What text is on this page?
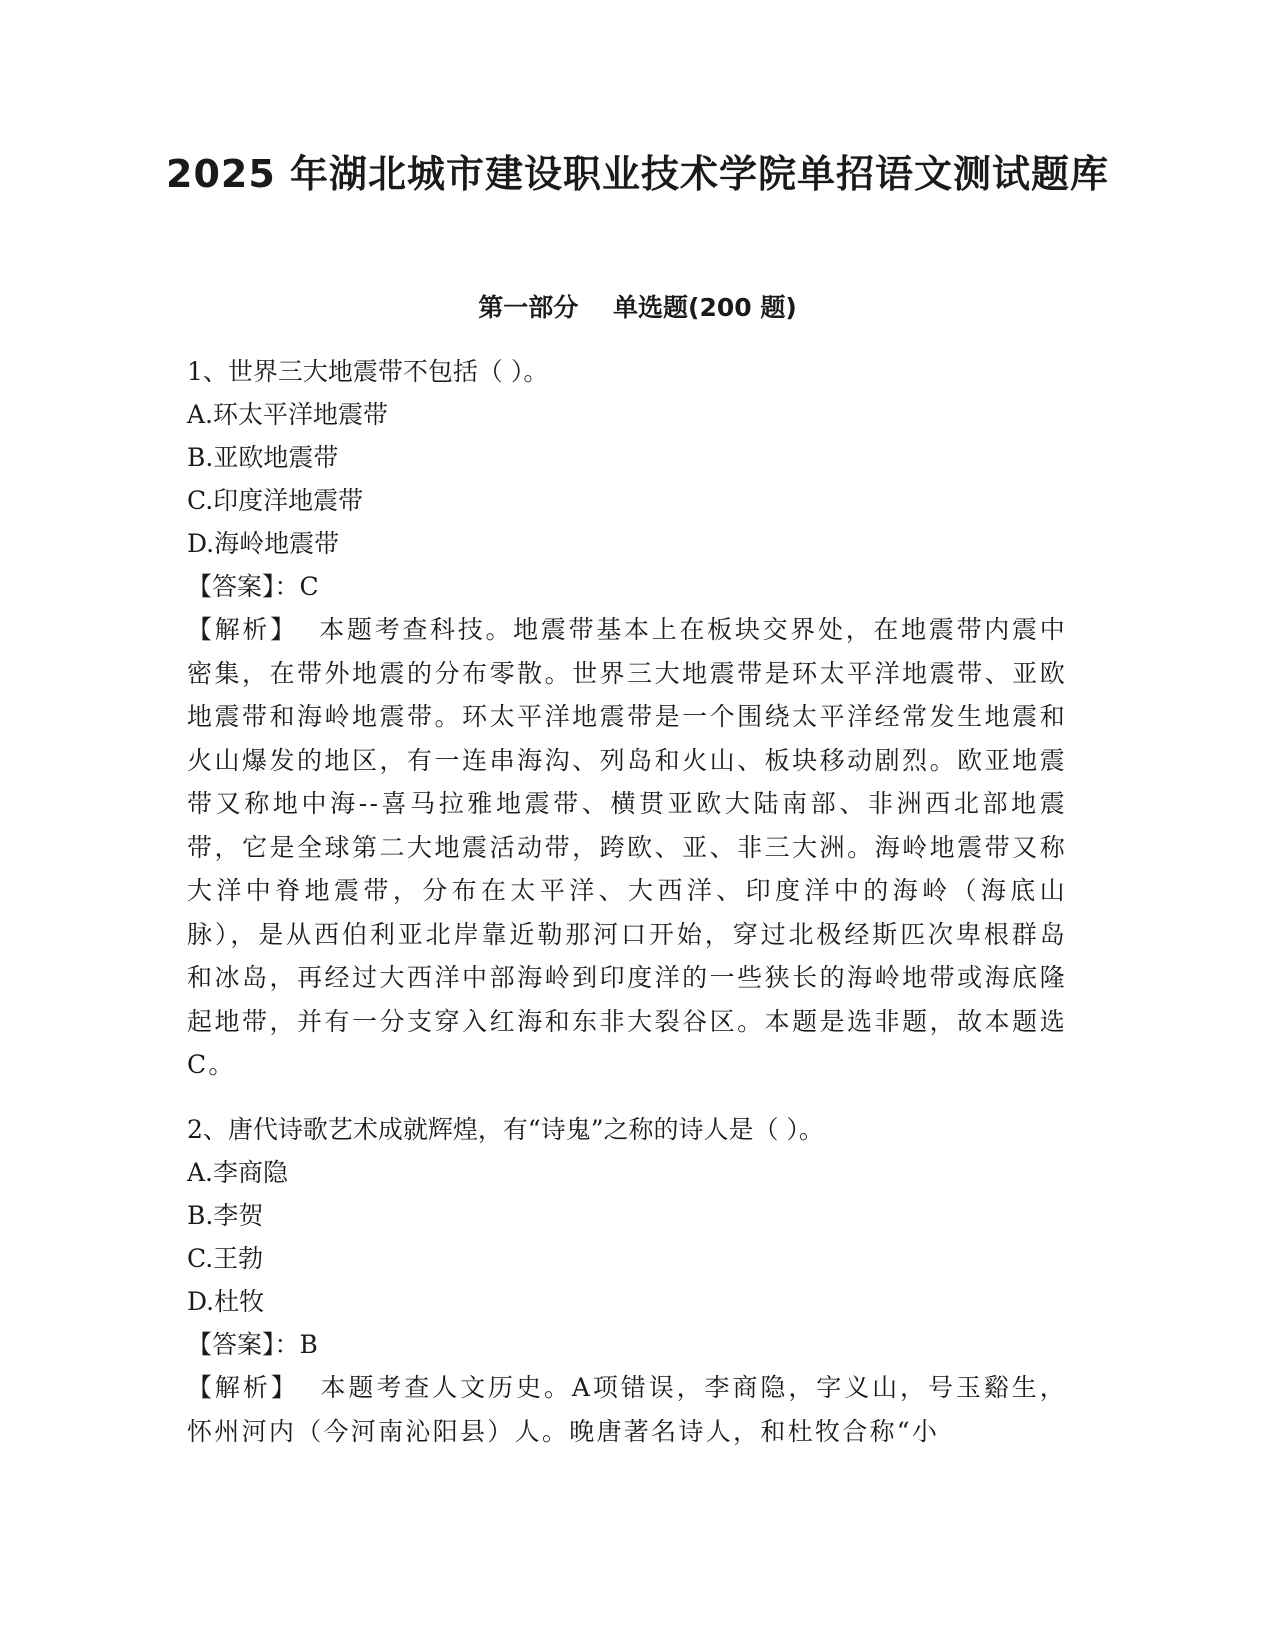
2025 年湖北城市建设职业技术学院单招语文测试题库
第一部分    单选题(200 题)

1、世界三大地震带不包括（ ）。

A.环太平洋地震带

B.亚欧地震带

C.印度洋地震带

D.海岭地震带

【答案】：C

【解析】 本题考查科技。地震带基本上在板块交界处，在地震带内震中密集，在带外地震的分布零散。世界三大地震带是环太平洋地震带、亚欧地震带和海岭地震带。环太平洋地震带是一个围绕太平洋经常发生地震和火山爆发的地区，有一连串海沟、列岛和火山、板块移动剧烈。欧亚地震带又称地中海--喜马拉雅地震带、横贯亚欧大陆南部、非洲西北部地震带，它是全球第二大地震活动带，跨欧、亚、非三大洲。海岭地震带又称大洋中脊地震带，分布在太平洋、大西洋、印度洋中的海岭（海底山脉），是从西伯利亚北岸靠近勒那河口开始，穿过北极经斯匹次卑根群岛和冰岛，再经过大西洋中部海岭到印度洋的一些狭长的海岭地带或海底隆起地带，并有一分支穿入红海和东非大裂谷区。本题是选非题，故本题选C。

2、唐代诗歌艺术成就辉煌，有“诗鬼”之称的诗人是（ ）。

A.李商隐

B.李贺

C.王勃

D.杜牧

【答案】：B

【解析】 本题考查人文历史。A项错误，李商隐，字义山，号玉谿生，怀州河内（今河南沁阳县）人。晚唐著名诗人，和杜牧合称“小
